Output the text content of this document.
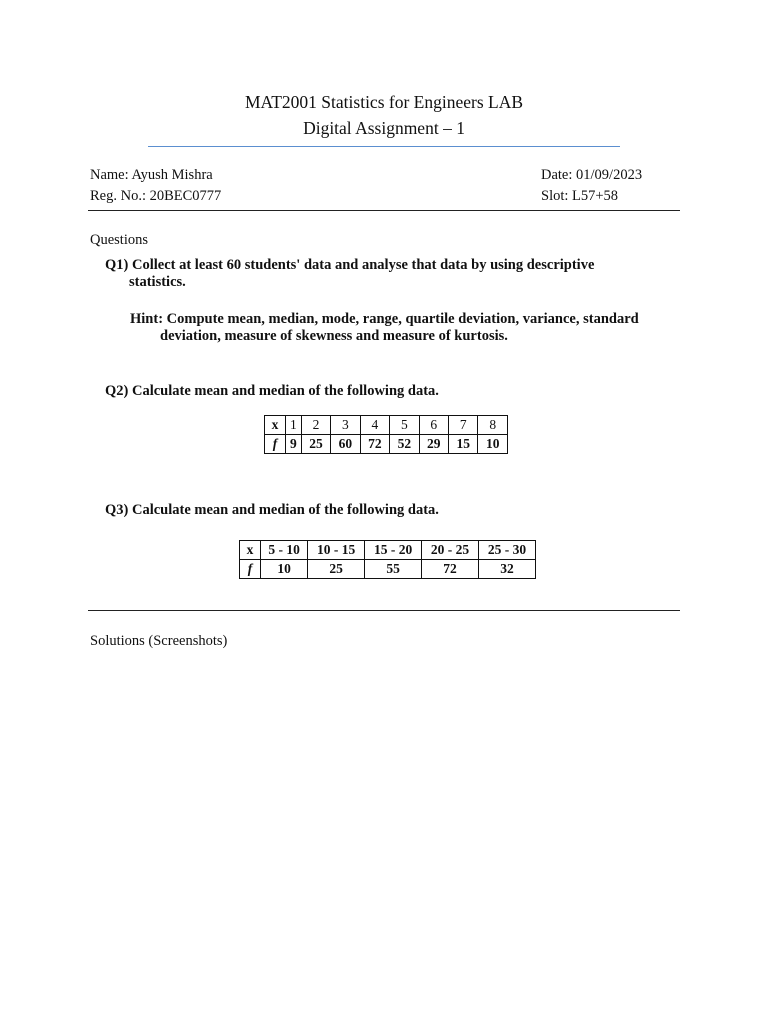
MAT2001 Statistics for Engineers LAB
Digital Assignment – 1
Name: Ayush Mishra
Reg. No.: 20BEC0777
Date: 01/09/2023
Slot: L57+58
Questions
Q1) Collect at least 60 students' data and analyse that data by using descriptive
statistics.
Hint: Compute mean, median, mode, range, quartile deviation, variance, standard
deviation, measure of skewness and measure of kurtosis.
Q2) Calculate mean and median of the following data.
x	1	2	3	4	5	6	7	8
f	9	25	60	72	52	29	15	10
Q3) Calculate mean and median of the following data.
x	5 - 10	10 - 15	15 - 20	20 - 25	25 - 30
f	10	25	55	72	32
Solutions (Screenshots)
